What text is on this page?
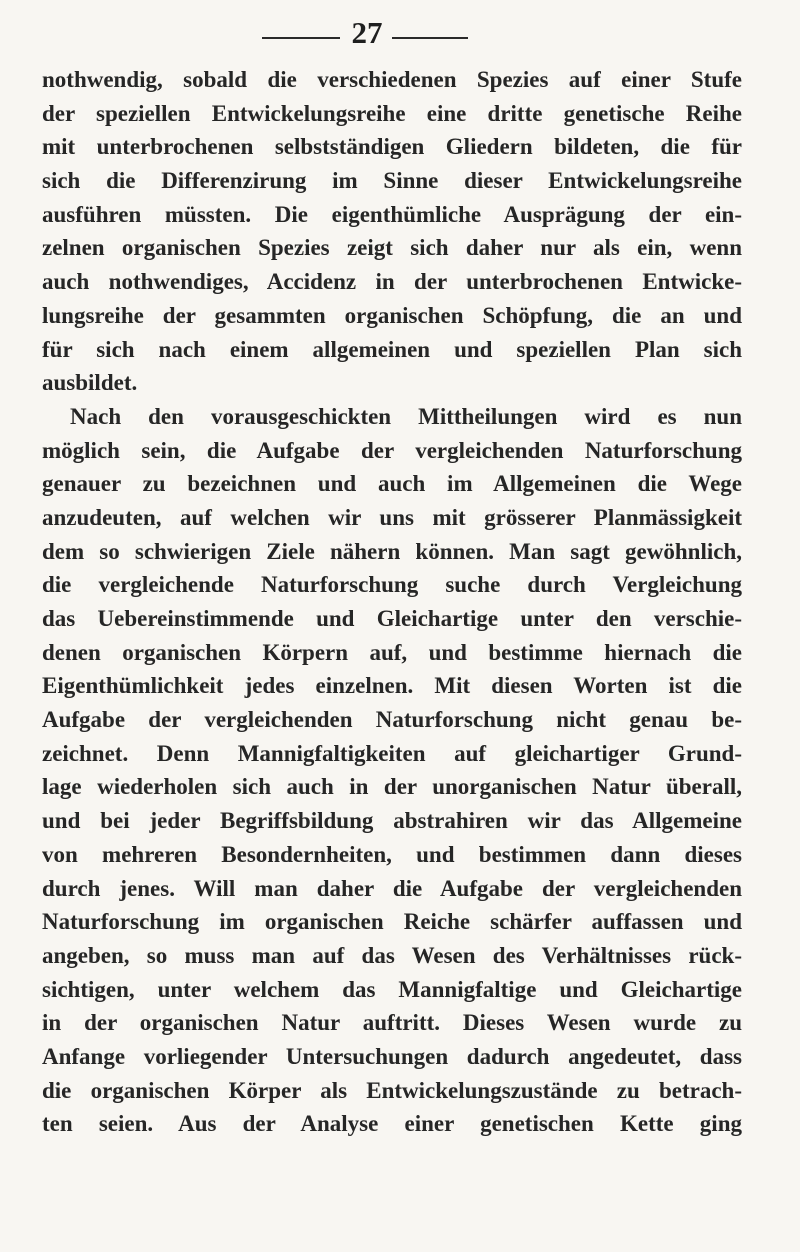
27
nothwendig, sobald die verschiedenen Spezies auf einer Stufe
der speziellen Entwickelungsreihe eine dritte genetische Reihe
mit unterbrochenen selbstständigen Gliedern bildeten, die für
sich die Differenzirung im Sinne dieser Entwickelungsreihe
ausführen müssten. Die eigenthümliche Ausprägung der ein-
zelnen organischen Spezies zeigt sich daher nur als ein, wenn
auch nothwendiges, Accidenz in der unterbrochenen Entwicke-
lungsreihe der gesammten organischen Schöpfung, die an und
für sich nach einem allgemeinen und speziellen Plan sich
ausbildet.
Nach den vorausgeschickten Mittheilungen wird es nun
möglich sein, die Aufgabe der vergleichenden Naturforschung
genauer zu bezeichnen und auch im Allgemeinen die Wege
anzudeuten, auf welchen wir uns mit grösserer Planmässigkeit
dem so schwierigen Ziele nähern können. Man sagt gewöhnlich,
die vergleichende Naturforschung suche durch Vergleichung
das Uebereinstimmende und Gleichartige unter den verschie-
denen organischen Körpern auf, und bestimme hiernach die
Eigenthümlichkeit jedes einzelnen. Mit diesen Worten ist die
Aufgabe der vergleichenden Naturforschung nicht genau be-
zeichnet. Denn Mannigfaltigkeiten auf gleichartiger Grund-
lage wiederholen sich auch in der unorganischen Natur überall,
und bei jeder Begriffsbildung abstrahiren wir das Allgemeine
von mehreren Besondernheiten, und bestimmen dann dieses
durch jenes. Will man daher die Aufgabe der vergleichenden
Naturforschung im organischen Reiche schärfer auffassen und
angeben, so muss man auf das Wesen des Verhältnisses rück-
sichtigen, unter welchem das Mannigfaltige und Gleichartige
in der organischen Natur auftritt. Dieses Wesen wurde zu
Anfange vorliegender Untersuchungen dadurch angedeutet, dass
die organischen Körper als Entwickelungszustände zu betrach-
ten seien. Aus der Analyse einer genetischen Kette ging
